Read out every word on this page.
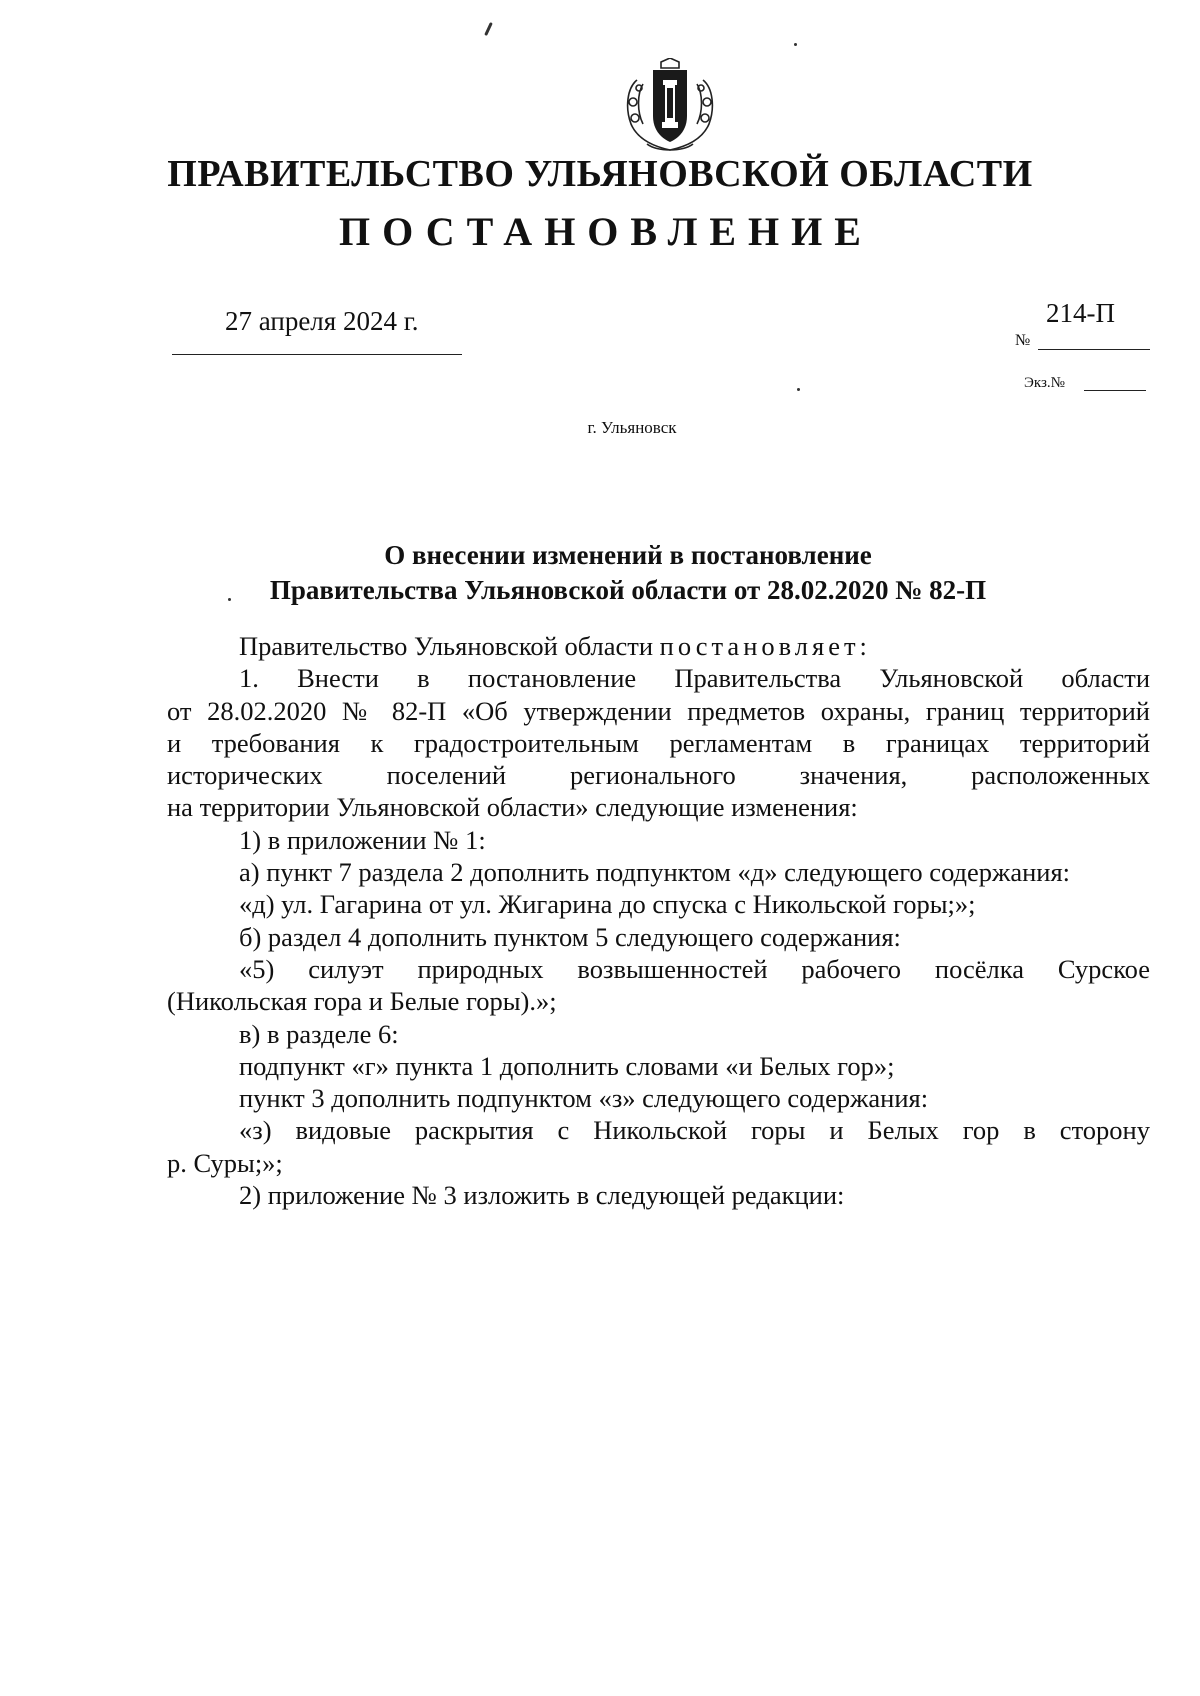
ПРАВИТЕЛЬСТВО УЛЬЯНОВСКОЙ ОБЛАСТИ
ПОСТАНОВЛЕНИЕ
27 апреля 2024 г.	214-П
№
Экз.№
г. Ульяновск
О внесении изменений в постановление
Правительства Ульяновской области от 28.02.2020 № 82-П

Правительство Ульяновской области постановляет:

1. Внести в постановление Правительства Ульяновской области

от 28.02.2020 № 82-П «Об утверждении предметов охраны, границ территорий

и требования к градостроительным регламентам в границах территорий

исторических поселений регионального значения, расположенных

на территории Ульяновской области» следующие изменения:

1) в приложении № 1:

а) пункт 7 раздела 2 дополнить подпунктом «д» следующего содержания:

«д) ул. Гагарина от ул. Жигарина до спуска с Никольской горы;»;

б) раздел 4 дополнить пунктом 5 следующего содержания:

«5) силуэт природных возвышенностей рабочего посёлка Сурское

(Никольская гора и Белые горы).»;

в) в разделе 6:

подпункт «г» пункта 1 дополнить словами «и Белых гор»;

пункт 3 дополнить подпунктом «з» следующего содержания:

«з) видовые раскрытия с Никольской горы и Белых гор в сторону

р. Суры;»;

2) приложение № 3 изложить в следующей редакции:
